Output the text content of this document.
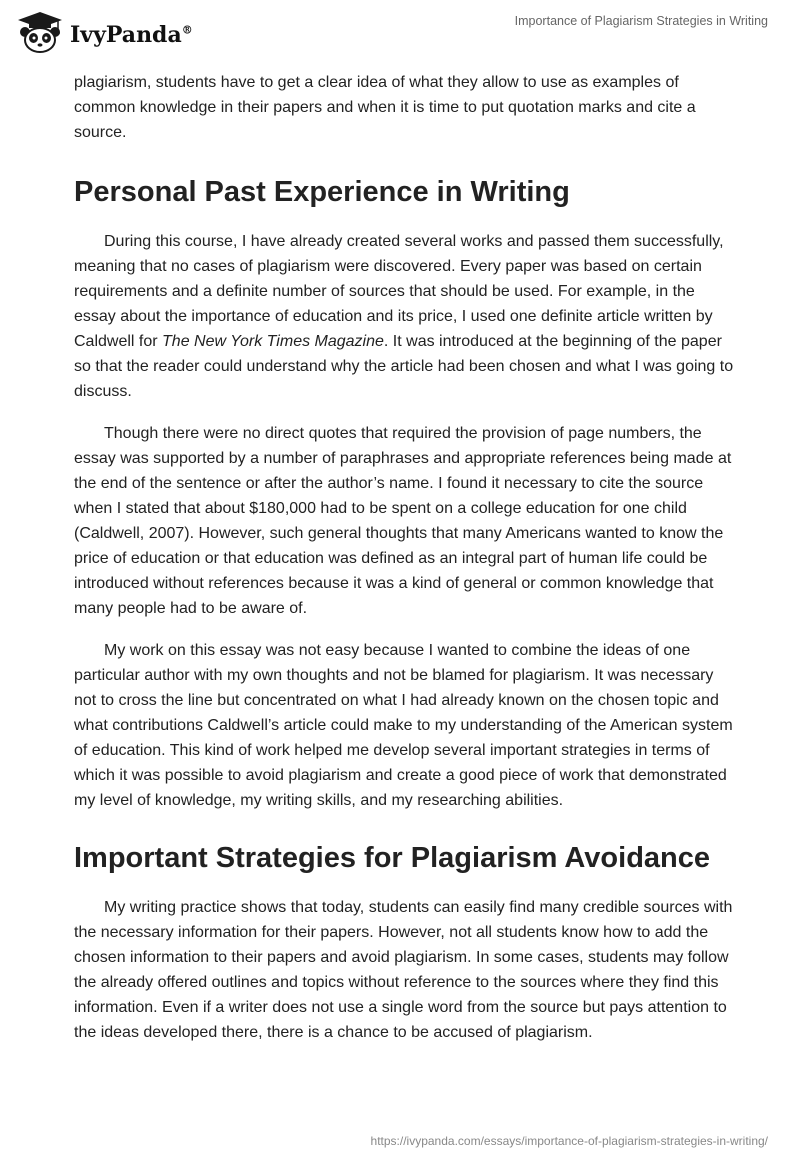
IvyPanda®
Importance of Plagiarism Strategies in Writing

plagiarism, students have to get a clear idea of what they allow to use as examples of common knowledge in their papers and when it is time to put quotation marks and cite a source.

Personal Past Experience in Writing

During this course, I have already created several works and passed them successfully, meaning that no cases of plagiarism were discovered. Every paper was based on certain requirements and a definite number of sources that should be used. For example, in the essay about the importance of education and its price, I used one definite article written by Caldwell for The New York Times Magazine. It was introduced at the beginning of the paper so that the reader could understand why the article had been chosen and what I was going to discuss.

Though there were no direct quotes that required the provision of page numbers, the essay was supported by a number of paraphrases and appropriate references being made at the end of the sentence or after the author’s name. I found it necessary to cite the source when I stated that about $180,000 had to be spent on a college education for one child (Caldwell, 2007). However, such general thoughts that many Americans wanted to know the price of education or that education was defined as an integral part of human life could be introduced without references because it was a kind of general or common knowledge that many people had to be aware of.

My work on this essay was not easy because I wanted to combine the ideas of one particular author with my own thoughts and not be blamed for plagiarism. It was necessary not to cross the line but concentrated on what I had already known on the chosen topic and what contributions Caldwell’s article could make to my understanding of the American system of education. This kind of work helped me develop several important strategies in terms of which it was possible to avoid plagiarism and create a good piece of work that demonstrated my level of knowledge, my writing skills, and my researching abilities.

Important Strategies for Plagiarism Avoidance

My writing practice shows that today, students can easily find many credible sources with the necessary information for their papers. However, not all students know how to add the chosen information to their papers and avoid plagiarism. In some cases, students may follow the already offered outlines and topics without reference to the sources where they find this information. Even if a writer does not use a single word from the source but pays attention to the ideas developed there, there is a chance to be accused of plagiarism.

https://ivypanda.com/essays/importance-of-plagiarism-strategies-in-writing/
